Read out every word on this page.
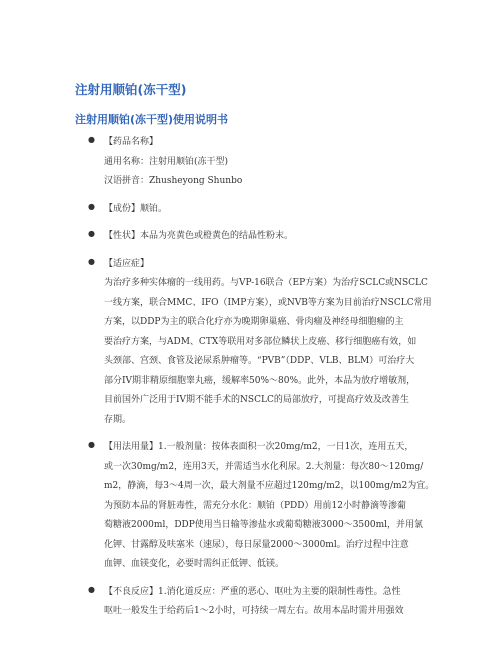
注射用顺铂(冻干型)
注射用顺铂(冻干型)使用说明书
● 【药品名称】
通用名称：注射用顺铂(冻干型)
汉语拼音：Zhusheyong Shunbo
● 【成份】顺铂。
● 【性状】本品为亮黄色或橙黄色的结晶性粉末。
● 【适应症】
为治疗多种实体瘤的一线用药。与VP-16联合（EP方案）为治疗SCLC或NSCLC
一线方案，联合MMC、IFO（IMP方案），或NVB等方案为目前治疗NSCLC常用
方案，以DDP为主的联合化疗亦为晚期卵巢癌、骨肉瘤及神经母细胞瘤的主
要治疗方案，与ADM、CTX等联用对多部位鳞状上皮癌、移行细胞癌有效，如
头颈部、宫颈、食管及泌尿系肿瘤等。“PVB”（DDP、VLB、BLM）可治疗大
部分IV期非精原细胞睾丸癌，缓解率50%～80%。此外，本品为放疗增敏剂，
目前国外广泛用于IV期不能手术的NSCLC的局部放疗，可提高疗效及改善生
存期。
● 【用法用量】1.一般剂量：按体表面积一次20mg/m2，一日1次，连用五天，
或一次30mg/m2，连用3天，并需适当水化利尿。2.大剂量：每次80～120mg/
m2，静滴，每3～4周一次，最大剂量不应超过120mg/m2，以100mg/m2为宜。
为预防本品的肾脏毒性，需充分水化：顺铂（PDD）用前12小时静滴等渗葡
萄糖液2000ml，DDP使用当日输等渗盐水或葡萄糖液3000～3500ml，并用氯
化钾、甘露醇及呋塞米（速尿），每日尿量2000～3000ml。治疗过程中注意
血钾、血镁变化，必要时需纠正低钾、低镁。
● 【不良反应】1.消化道反应：严重的恶心、呕吐为主要的限制性毒性。急性
呕吐一般发生于给药后1～2小时，可持续一周左右。故用本品时需并用强效
